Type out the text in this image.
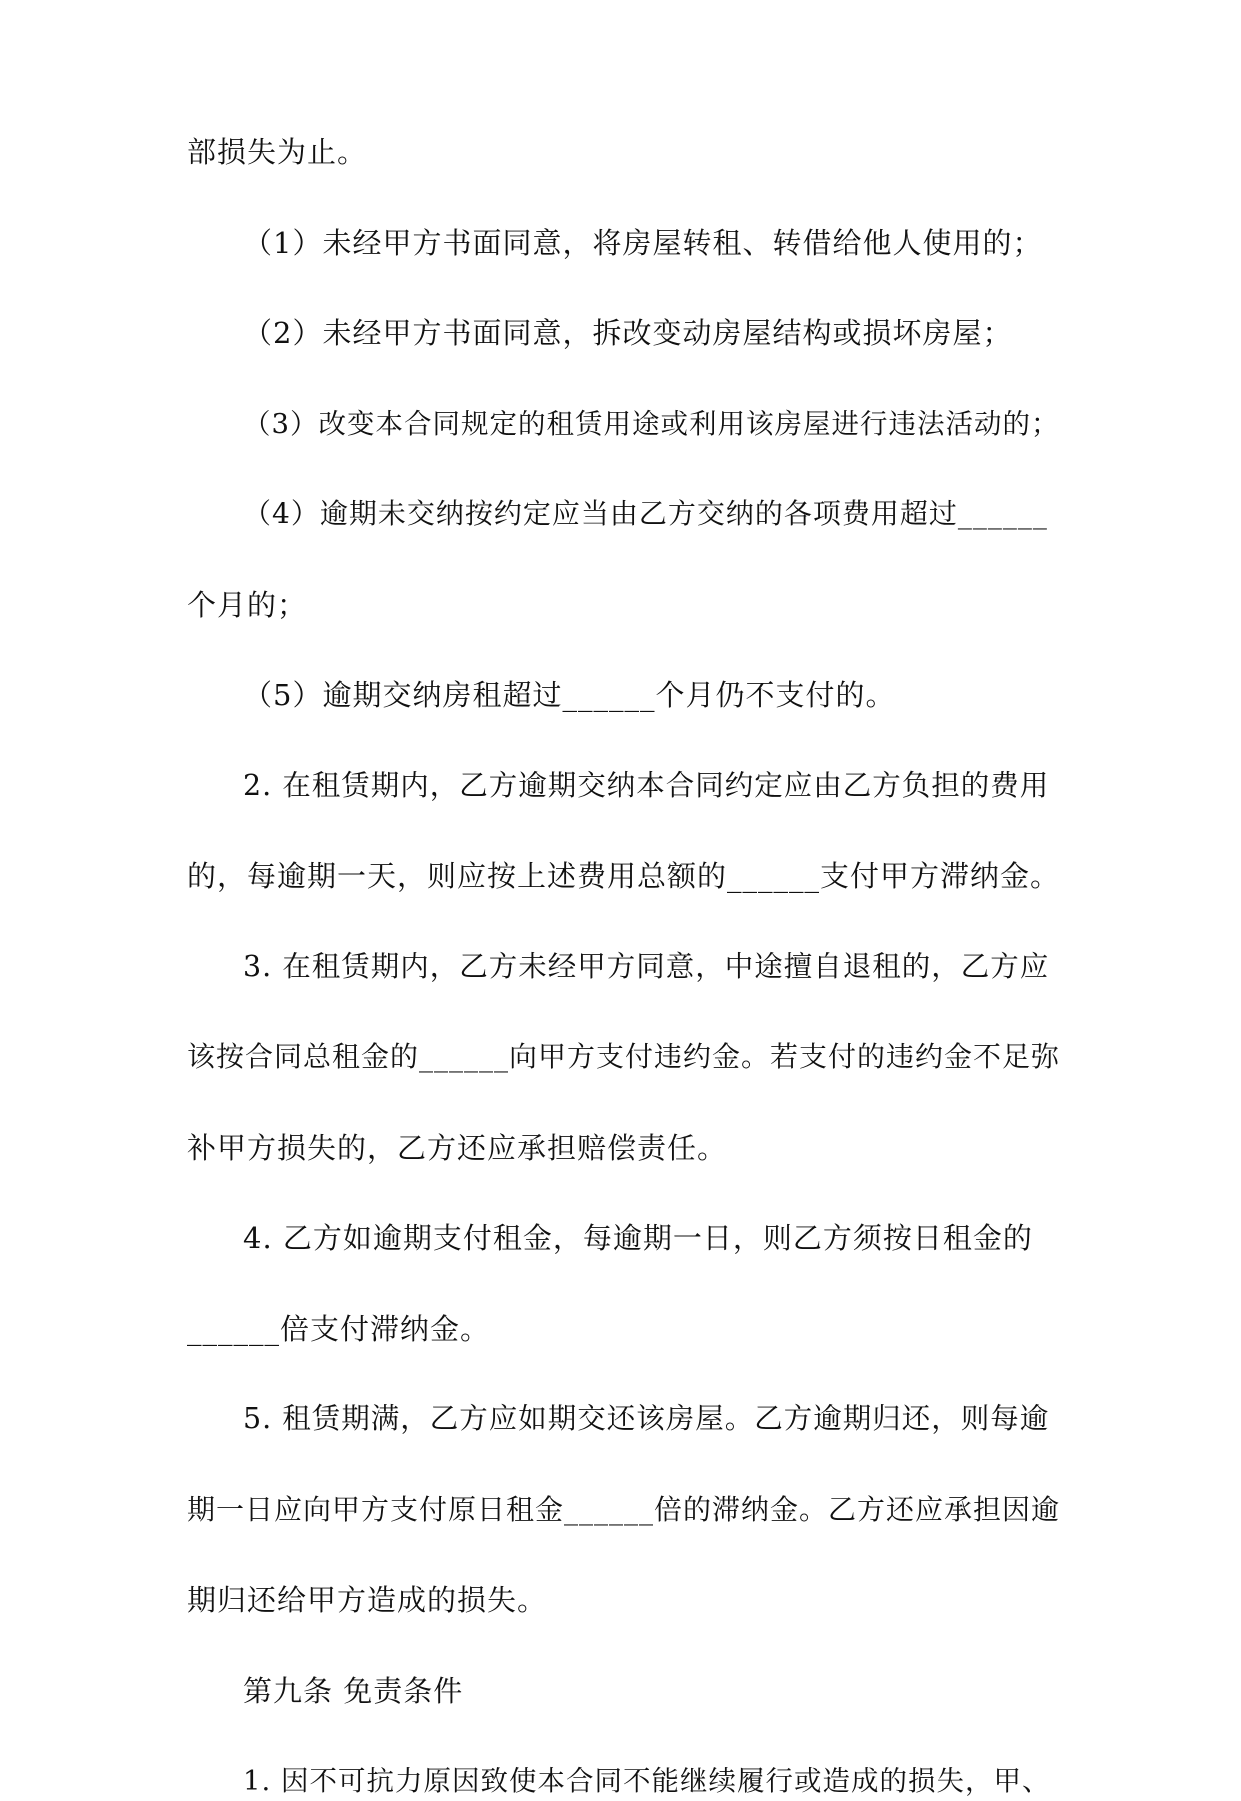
部损失为止。
（1）未经甲方书面同意，将房屋转租、转借给他人使用的；
（2）未经甲方书面同意，拆改变动房屋结构或损坏房屋；
（3）改变本合同规定的租赁用途或利用该房屋进行违法活动的；
（4）逾期未交纳按约定应当由乙方交纳的各项费用超过______
个月的；
（5）逾期交纳房租超过______个月仍不支付的。
2. 在租赁期内，乙方逾期交纳本合同约定应由乙方负担的费用
的，每逾期一天，则应按上述费用总额的______支付甲方滞纳金。
3. 在租赁期内，乙方未经甲方同意，中途擅自退租的，乙方应
该按合同总租金的______向甲方支付违约金。若支付的违约金不足弥
补甲方损失的，乙方还应承担赔偿责任。
4. 乙方如逾期支付租金，每逾期一日，则乙方须按日租金的
______倍支付滞纳金。
5. 租赁期满，乙方应如期交还该房屋。乙方逾期归还，则每逾
期一日应向甲方支付原日租金______倍的滞纳金。乙方还应承担因逾
期归还给甲方造成的损失。
第九条 免责条件
1. 因不可抗力原因致使本合同不能继续履行或造成的损失，甲、
